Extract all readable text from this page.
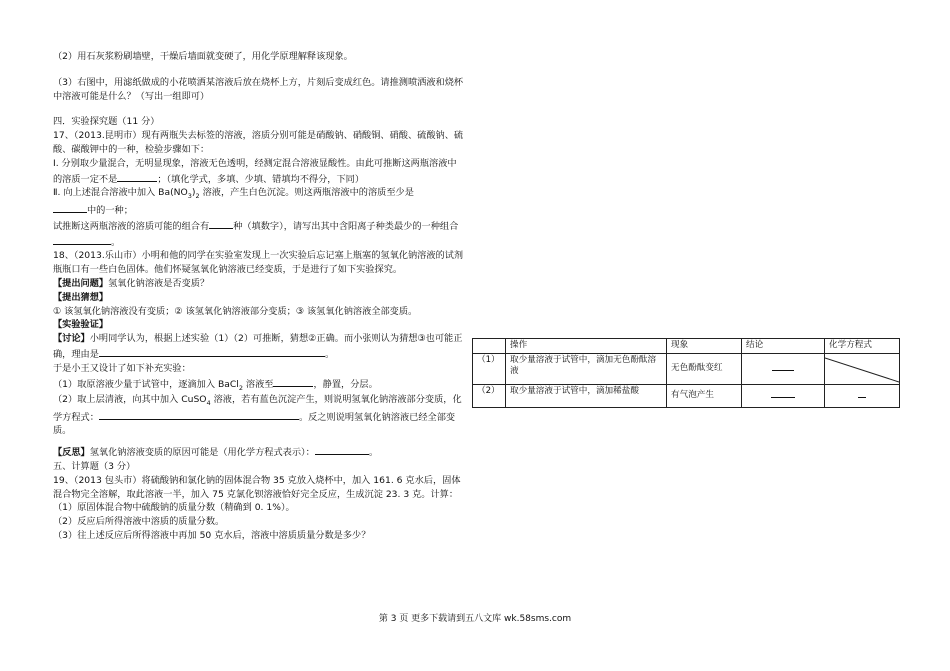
（2）用石灰浆粉刷墙壁，干燥后墙面就变硬了，用化学原理解释该现象。

（3）右图中，用滤纸做成的小花喷洒某溶液后放在烧杯上方，片刻后变成红色。请推测喷洒液和烧杯中溶液可能是什么？（写出一组即可）

四．实验探究题（11 分）

17、（2013.昆明市）现有两瓶失去标签的溶液，溶质分别可能是硝酸钠、硝酸铜、硝酸、硫酸钠、硫酸、碳酸钾中的一种，检验步骤如下：

Ⅰ. 分别取少量混合，无明显现象，溶液无色透明，经测定混合溶液显酸性。由此可推断这两瓶溶液中的溶质一定不是	；（填化学式，多填、少填、错填均不得分，下同）

Ⅱ. 向上述混合溶液中加入 $Ba(NO_3)_2$ 溶液，产生白色沉淀。则这两瓶溶液中的溶质至少是
中的一种；

试推断这两瓶溶液的溶质可能的组合有	种（填数字），请写出其中含阳离子种类最少的一种组合。

18、（2013.乐山市）小明和他的同学在实验室发现上一次实验后忘记塞上瓶塞的氢氧化钠溶液的试剂瓶瓶口有一些白色固体。他们怀疑氢氧化钠溶液已经变质，于是进行了如下实验探究。

【提出问题】氢氧化钠溶液是否变质？

【提出猜想】

① 该氢氧化钠溶液没有变质；② 该氢氧化钠溶液部分变质；③ 该氢氧化钠溶液全部变质。

【实验验证】

【讨论】小明同学认为，根据上述实验（1）（2）可推断，猜想②正确。而小张则认为猜想③也可能正确，理由是	。

于是小王又设计了如下补充实验：

（1）取原溶液少量于试管中，逐滴加入 BaCl$_2$ 溶液至	，静置，分层。

（2）取上层清液，向其中加入 CuSO$_4$ 溶液，若有蓝色沉淀产生，则说明氢氧化钠溶液部分变质，化学方程式：	。反之则说明氢氧化钠溶液已经全部变质。

【反思】氢氧化钠溶液变质的原因可能是（用化学方程式表示）：	。

五、计算题（3 分）

19、（2013 包头市）将硫酸钠和氯化钠的固体混合物 35 克放入烧杯中，加入 161. 6 克水后，固体混合物完全溶解，取此溶液一半，加入 75 克氯化钡溶液恰好完全反应，生成沉淀 23. 3 克。计算：

（1）原固体混合物中硫酸钠的质量分数（精确到 0. 1%）。

（2）反应后所得溶液中溶质的质量分数。

（3）往上述反应后所得溶液中再加 50 克水后，溶液中溶质质量分数是多少？

	操作	现象	结论	化学方程式
（1）	取少量溶液于试管中，滴加无色酚酞溶液	无色酚酞变红		

（2）	取少量溶液于试管中，滴加稀盐酸	有气泡产生		
第 3 页 更多下载请到五八文库 wk.58sms.com
